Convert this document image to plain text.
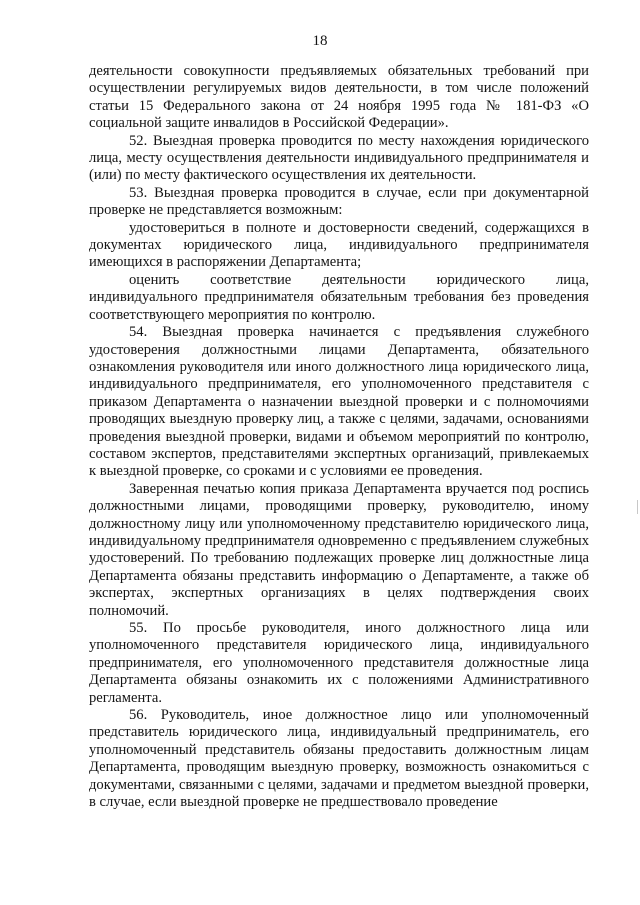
18

деятельности совокупности предъявляемых обязательных требований при осуществлении регулируемых видов деятельности, в том числе положений статьи 15 Федерального закона от 24 ноября 1995 года № 181-ФЗ «О социальной защите инвалидов в Российской Федерации».

52. Выездная проверка проводится по месту нахождения юридического лица, месту осуществления деятельности индивидуального предпринимателя и (или) по месту фактического осуществления их деятельности.

53. Выездная проверка проводится в случае, если при документарной проверке не представляется возможным:

удостовериться в полноте и достоверности сведений, содержащихся в документах юридического лица, индивидуального предпринимателя имеющихся в распоряжении Департамента;

оценить соответствие деятельности юридического лица, индивидуального предпринимателя обязательным требования без проведения соответствующего мероприятия по контролю.

54. Выездная проверка начинается с предъявления служебного удостоверения должностными лицами Департамента, обязательного ознакомления руководителя или иного должностного лица юридического лица, индивидуального предпринимателя, его уполномоченного представителя с приказом Департамента о назначении выездной проверки и с полномочиями проводящих выездную проверку лиц, а также с целями, задачами, основаниями проведения выездной проверки, видами и объемом мероприятий по контролю, составом экспертов, представителями экспертных организаций, привлекаемых к выездной проверке, со сроками и с условиями ее проведения.

Заверенная печатью копия приказа Департамента вручается под роспись должностными лицами, проводящими проверку, руководителю, иному должностному лицу или уполномоченному представителю юридического лица, индивидуальному предпринимателя одновременно с предъявлением служебных удостоверений. По требованию подлежащих проверке лиц должностные лица Департамента обязаны представить информацию о Департаменте, а также об экспертах, экспертных организациях в целях подтверждения своих полномочий.

55. По просьбе руководителя, иного должностного лица или уполномоченного представителя юридического лица, индивидуального предпринимателя, его уполномоченного представителя должностные лица Департамента обязаны ознакомить их с положениями Административного регламента.

56. Руководитель, иное должностное лицо или уполномоченный представитель юридического лица, индивидуальный предприниматель, его уполномоченный представитель обязаны предоставить должностным лицам Департамента, проводящим выездную проверку, возможность ознакомиться с документами, связанными с целями, задачами и предметом выездной проверки, в случае, если выездной проверке не предшествовало проведение
